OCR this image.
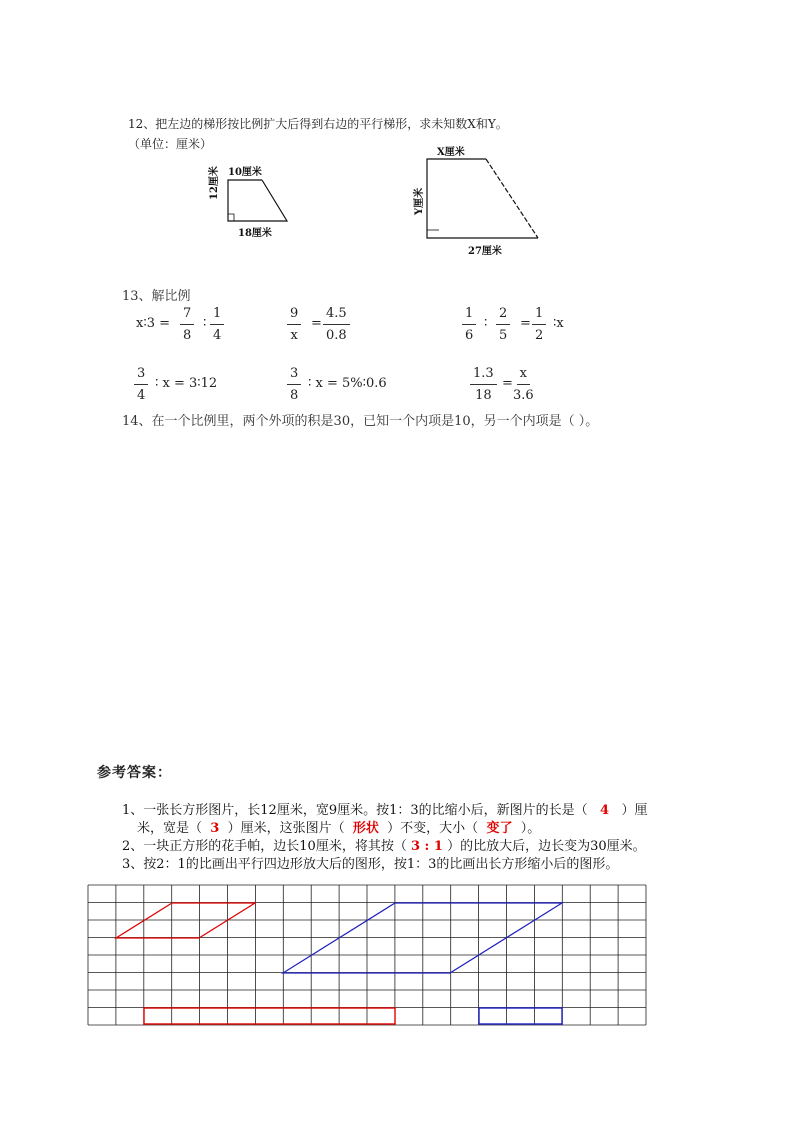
12、把左边的梯形按比例扩大后得到右边的平行梯形，求未知数X和Y。
（单位：厘米）
10厘米
12厘米
18厘米
X厘米
Y厘米
27厘米
13、解比例
x∶3 = $\frac{7}{8}$ ∶ $\frac{1}{4}$	$\frac{9}{x} = \frac{4.5}{0.8}$	$\frac{1}{6}$ ∶ $\frac{2}{5} = \frac{1}{2}$ ∶x
$\frac{3}{4}$ ∶ x = 3∶12	$\frac{3}{8}$ ∶ x = 5%∶0.6	$\frac{1.3}{18} = \frac{x}{3.6}$
14、在一个比例里，两个外项的积是30，已知一个内项是10，另一个内项是（ ）。
参考答案：
1、一张长方形图片，长12厘米，宽9厘米。按1：3的比缩小后，新图片的长是（ 4 ）厘
米，宽是（ 3 ）厘米，这张图片（ 形状 ）不变，大小（ 变了 ）。
2、一块正方形的花手帕，边长10厘米，将其按（ 3 : 1 ）的比放大后，边长变为30厘米。
3、按2：1的比画出平行四边形放大后的图形，按1：3的比画出长方形缩小后的图形。
